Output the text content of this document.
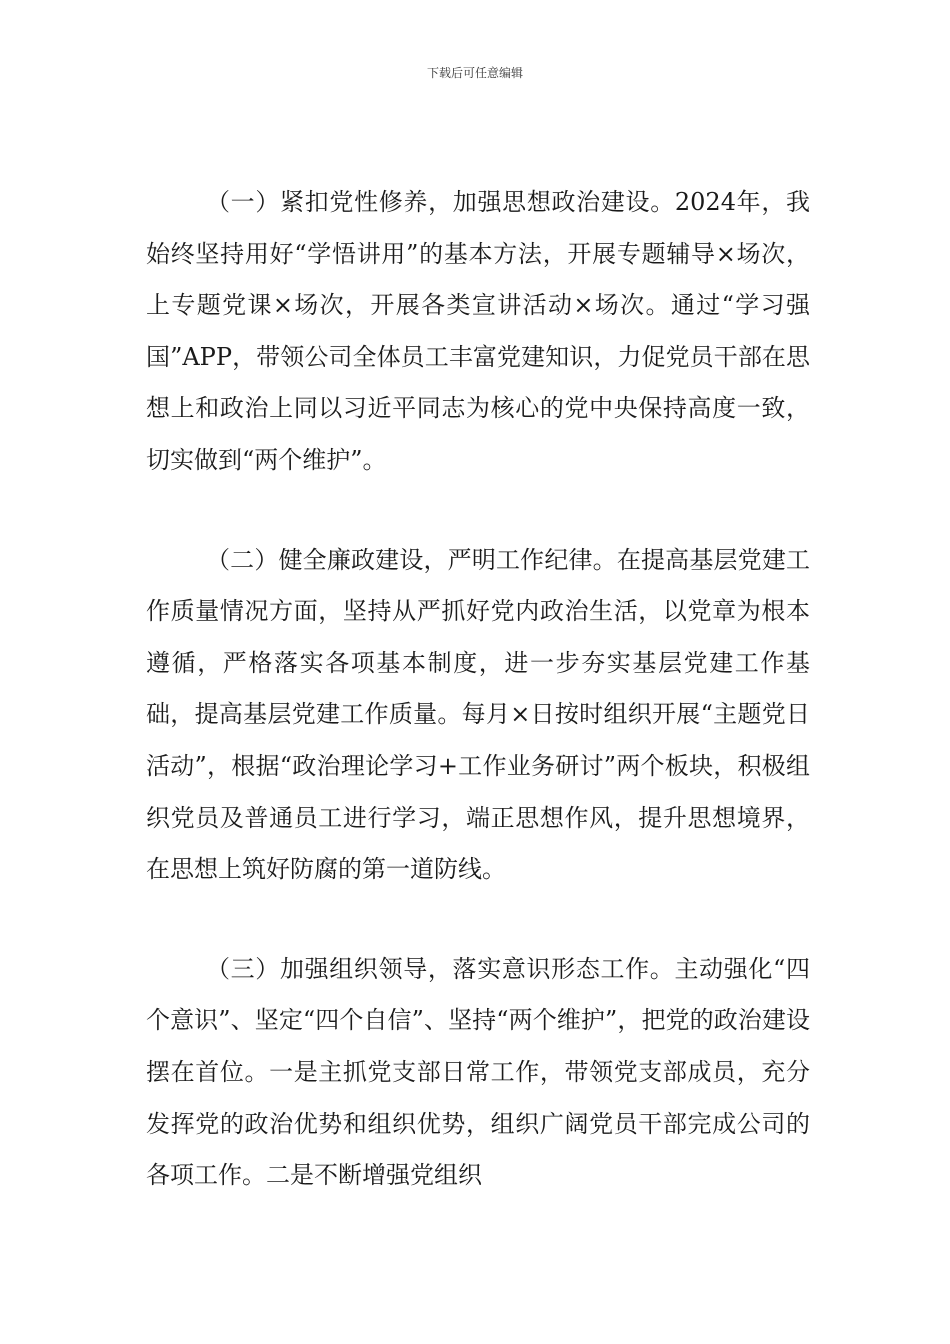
下载后可任意编辑

（一）紧扣党性修养，加强思想政治建设。2024年，我始终坚持用好“学悟讲用”的基本方法，开展专题辅导×场次，上专题党课×场次，开展各类宣讲活动×场次。通过“学习强国”APP，带领公司全体员工丰富党建知识，力促党员干部在思想上和政治上同以习近平同志为核心的党中央保持高度一致，切实做到“两个维护”。

（二）健全廉政建设，严明工作纪律。在提高基层党建工作质量情况方面，坚持从严抓好党内政治生活，以党章为根本遵循，严格落实各项基本制度，进一步夯实基层党建工作基础，提高基层党建工作质量。每月×日按时组织开展“主题党日活动”，根据“政治理论学习+工作业务研讨”两个板块，积极组织党员及普通员工进行学习，端正思想作风，提升思想境界，在思想上筑好防腐的第一道防线。

（三）加强组织领导，落实意识形态工作。主动强化“四个意识”、坚定“四个自信”、坚持“两个维护”，把党的政治建设摆在首位。一是主抓党支部日常工作，带领党支部成员，充分发挥党的政治优势和组织优势，组织广阔党员干部完成公司的各项工作。二是不断增强党组织
